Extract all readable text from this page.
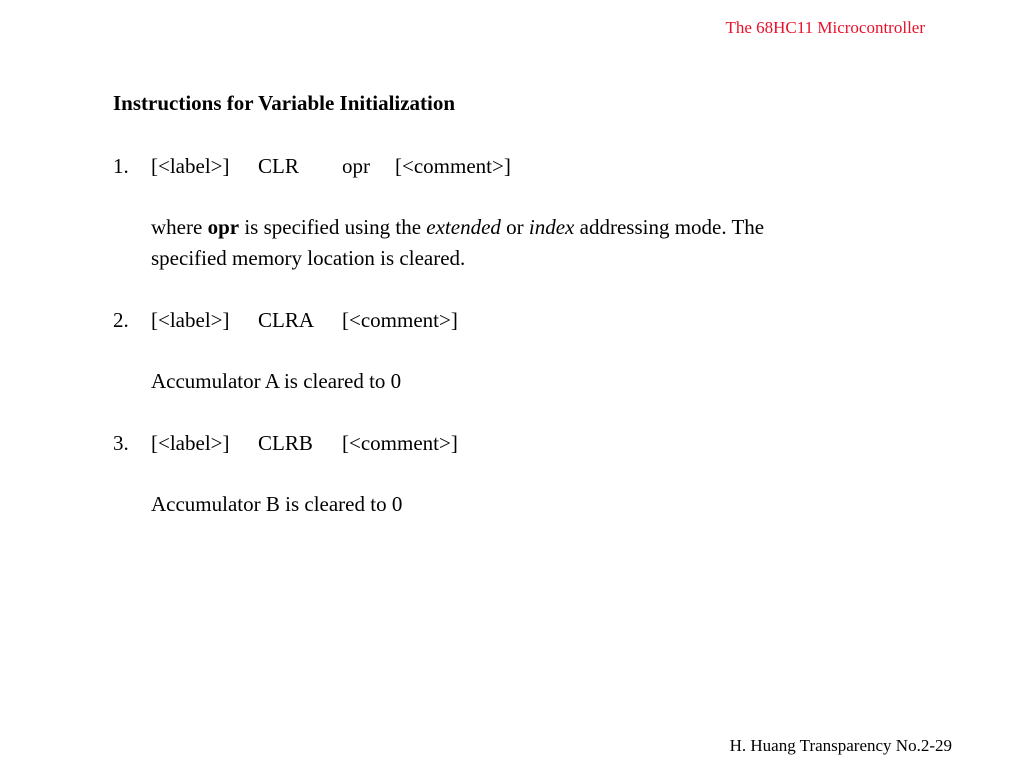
The 68HC11 Microcontroller
Instructions for Variable Initialization
1. [<label>] CLR opr [<comment>]
where opr is specified using the extended or index addressing mode. The
specified memory location is cleared.
2. [<label>] CLRA [<comment>]
Accumulator A is cleared to 0
3. [<label>] CLRB [<comment>]
Accumulator B is cleared to 0
H. Huang Transparency No.2-29
